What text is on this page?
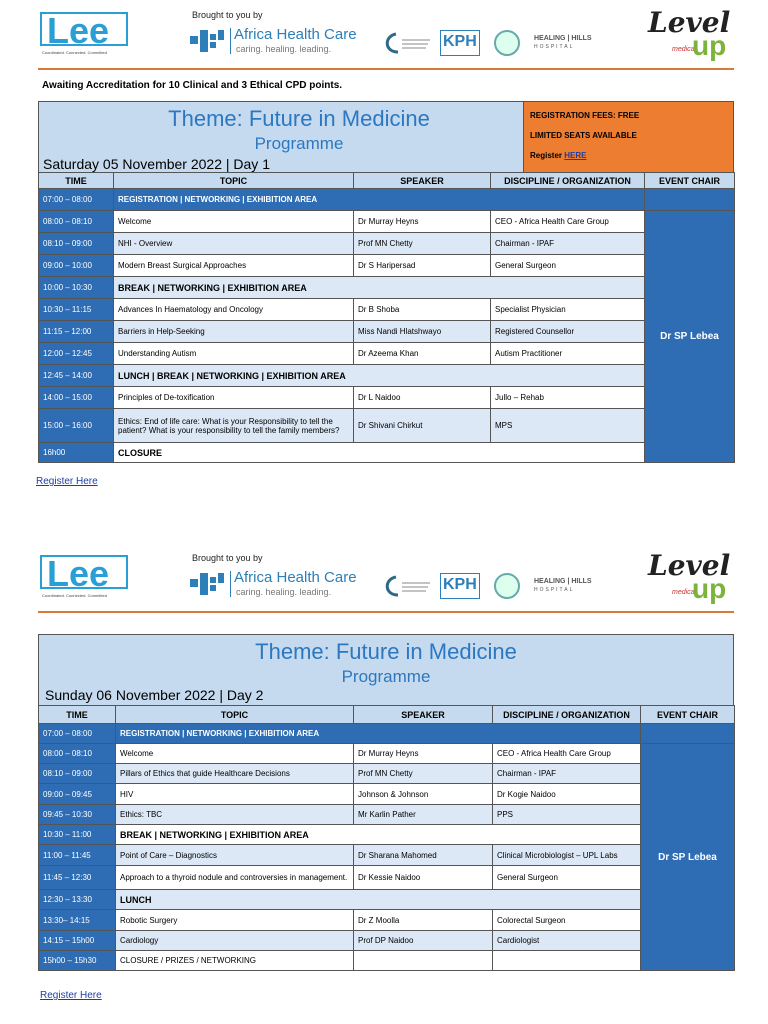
Lee
Coordinated. Connected. Committed
Brought to you by
Africa Health Care
caring. healing. leading.	KPH	HEALING | HILLS
HOSPITAL
Level
medical
up
Awaiting Accreditation for 10 Clinical and 3 Ethical CPD points.
Theme: Future in Medicine
Programme
Saturday 05 November 2022 | Day 1
REGISTRATION FEES: FREE
LIMITED SEATS AVAILABLE
Register HERE
TIME	TOPIC	SPEAKER	DISCIPLINE / ORGANIZATION	EVENT CHAIR
07:00 – 08:00	REGISTRATION | NETWORKING | EXHIBITION AREA			
08:00 – 08:10	Welcome	Dr Murray Heyns	CEO - Africa Health Care Group	Dr SP Lebea
08:10 – 09:00	NHI - Overview	Prof MN Chetty	Chairman - IPAF	
09:00 – 10:00	Modern Breast Surgical Approaches	Dr S Haripersad	General Surgeon	
10:00 – 10:30	BREAK | NETWORKING | EXHIBITION AREA			
10:30 – 11:15	Advances In Haematology and Oncology	Dr B Shoba	Specialist Physician	
11:15 – 12:00	Barriers in Help-Seeking	Miss Nandi Hlatshwayo	Registered Counsellor	
12:00 – 12:45	Understanding Autism	Dr Azeema Khan	Autism Practitioner	
12:45 – 14:00	LUNCH | BREAK | NETWORKING | EXHIBITION AREA			
14:00 – 15:00	Principles of De-toxification	Dr L Naidoo	Jullo – Rehab	
15:00 – 16:00	Ethics: End of life care: What is your Responsibility to tell the patient? What is your responsibility to tell the family members?	Dr Shivani Chirkut	MPS	
16h00	CLOSURE			
Register Here
Lee
Coordinated. Connected. Committed
Brought to you by
Africa Health Care
caring. healing. leading.	KPH	HEALING | HILLS
HOSPITAL
Level
medical
up
Theme: Future in Medicine
Programme
Sunday 06 November 2022 | Day 2
TIME	TOPIC	SPEAKER	DISCIPLINE / ORGANIZATION	EVENT CHAIR
07:00 – 08:00	REGISTRATION | NETWORKING | EXHIBITION AREA			
08:00 – 08:10	Welcome	Dr Murray Heyns	CEO - Africa Health Care Group	Dr SP Lebea
08:10 – 09:00	Pillars of Ethics that guide Healthcare Decisions	Prof MN Chetty	Chairman - IPAF	
09:00 – 09:45	HIV	Johnson & Johnson	Dr Kogie Naidoo	
09:45 – 10:30	Ethics: TBC	Mr Karlin Pather	PPS	
10:30 – 11:00	BREAK | NETWORKING | EXHIBITION AREA			
11:00 – 11:45	Point of Care – Diagnostics	Dr Sharana Mahomed	Clinical Microbiologist – UPL Labs	
11:45 – 12:30	Approach to a thyroid nodule and controversies in management.	Dr Kessie Naidoo	General Surgeon	
12:30 – 13:30	LUNCH			
13:30– 14:15	Robotic Surgery	Dr Z Moolla	Colorectal Surgeon	
14:15 – 15h00	Cardiology	Prof DP Naidoo	Cardiologist	
15h00 – 15h30	CLOSURE / PRIZES / NETWORKING			
Register Here
